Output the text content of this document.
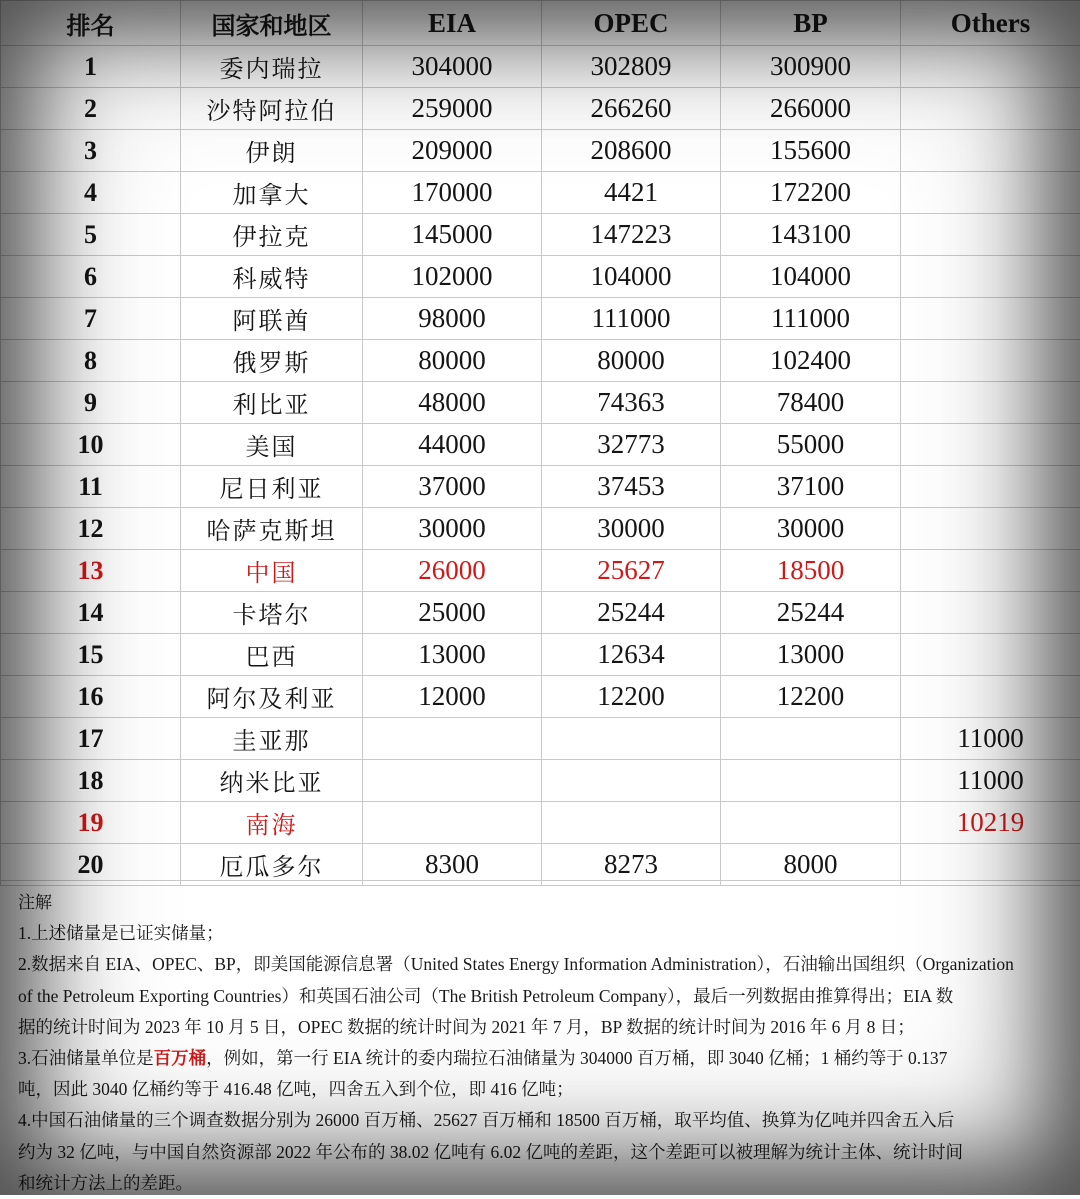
排名	国家和地区	EIA	OPEC	BP	Others
1	委内瑞拉	304000	302809	300900	
2	沙特阿拉伯	259000	266260	266000	
3	伊朗	209000	208600	155600	
4	加拿大	170000	4421	172200	
5	伊拉克	145000	147223	143100	
6	科威特	102000	104000	104000	
7	阿联酋	98000	111000	111000	
8	俄罗斯	80000	80000	102400	
9	利比亚	48000	74363	78400	
10	美国	44000	32773	55000	
11	尼日利亚	37000	37453	37100	
12	哈萨克斯坦	30000	30000	30000	
13	中国	26000	25627	18500	
14	卡塔尔	25000	25244	25244	
15	巴西	13000	12634	13000	
16	阿尔及利亚	12000	12200	12200	
17	圭亚那				11000
18	纳米比亚				11000
19	南海				10219
20	厄瓜多尔	8300	8273	8000	
注解
1.上述储量是已证实储量；
2.数据来自 EIA、OPEC、BP，即美国能源信息署（United States Energy Information Administration），石油输出国组织（Organization
of the Petroleum Exporting Countries）和英国石油公司（The British Petroleum Company），最后一列数据由推算得出；EIA 数
据的统计时间为 2023 年 10 月 5 日，OPEC 数据的统计时间为 2021 年 7 月，BP 数据的统计时间为 2016 年 6 月 8 日；
3.石油储量单位是百万桶，例如，第一行 EIA 统计的委内瑞拉石油储量为 304000 百万桶，即 3040 亿桶；1 桶约等于 0.137
吨，因此 3040 亿桶约等于 416.48 亿吨，四舍五入到个位，即 416 亿吨；
4.中国石油储量的三个调查数据分别为 26000 百万桶、25627 百万桶和 18500 百万桶，取平均值、换算为亿吨并四舍五入后
约为 32 亿吨，与中国自然资源部 2022 年公布的 38.02 亿吨有 6.02 亿吨的差距，这个差距可以被理解为统计主体、统计时间
和统计方法上的差距。
